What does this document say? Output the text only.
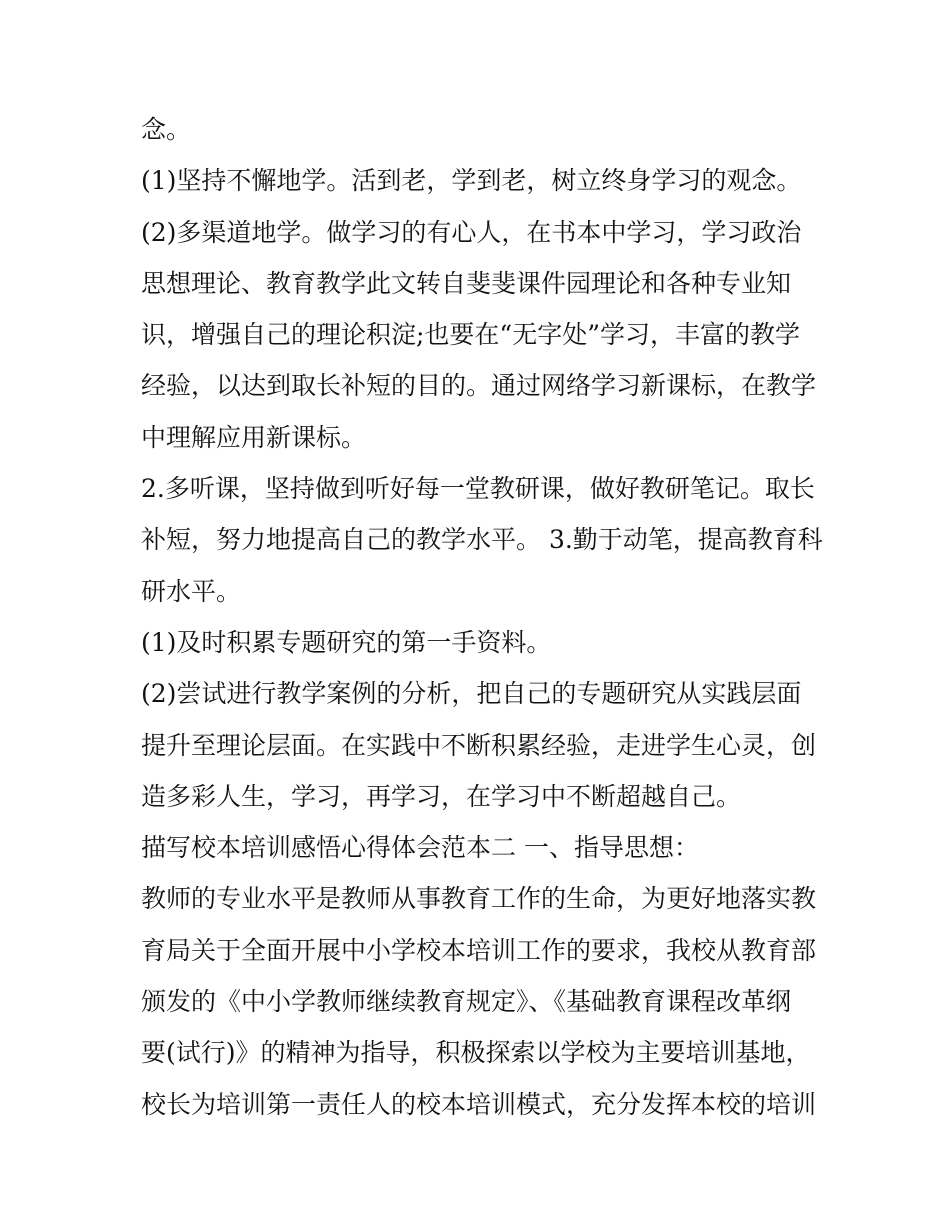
念。
(1)坚持不懈地学。活到老，学到老，树立终身学习的观念。
(2)多渠道地学。做学习的有心人，在书本中学习，学习政治
思想理论、教育教学此文转自斐斐课件园理论和各种专业知
识，增强自己的理论积淀;也要在“无字处”学习，丰富的教学
经验，以达到取长补短的目的。通过网络学习新课标，在教学
中理解应用新课标。
2.多听课，坚持做到听好每一堂教研课，做好教研笔记。取长
补短，努力地提高自己的教学水平。 3.勤于动笔，提高教育科
研水平。
(1)及时积累专题研究的第一手资料。
(2)尝试进行教学案例的分析，把自己的专题研究从实践层面
提升至理论层面。在实践中不断积累经验，走进学生心灵，创
造多彩人生，学习，再学习，在学习中不断超越自己。
描写校本培训感悟心得体会范本二 一、指导思想：
教师的专业水平是教师从事教育工作的生命，为更好地落实教
育局关于全面开展中小学校本培训工作的要求，我校从教育部
颁发的《中小学教师继续教育规定》、《基础教育课程改革纲
要(试行)》的精神为指导，积极探索以学校为主要培训基地，
校长为培训第一责任人的校本培训模式，充分发挥本校的培训
